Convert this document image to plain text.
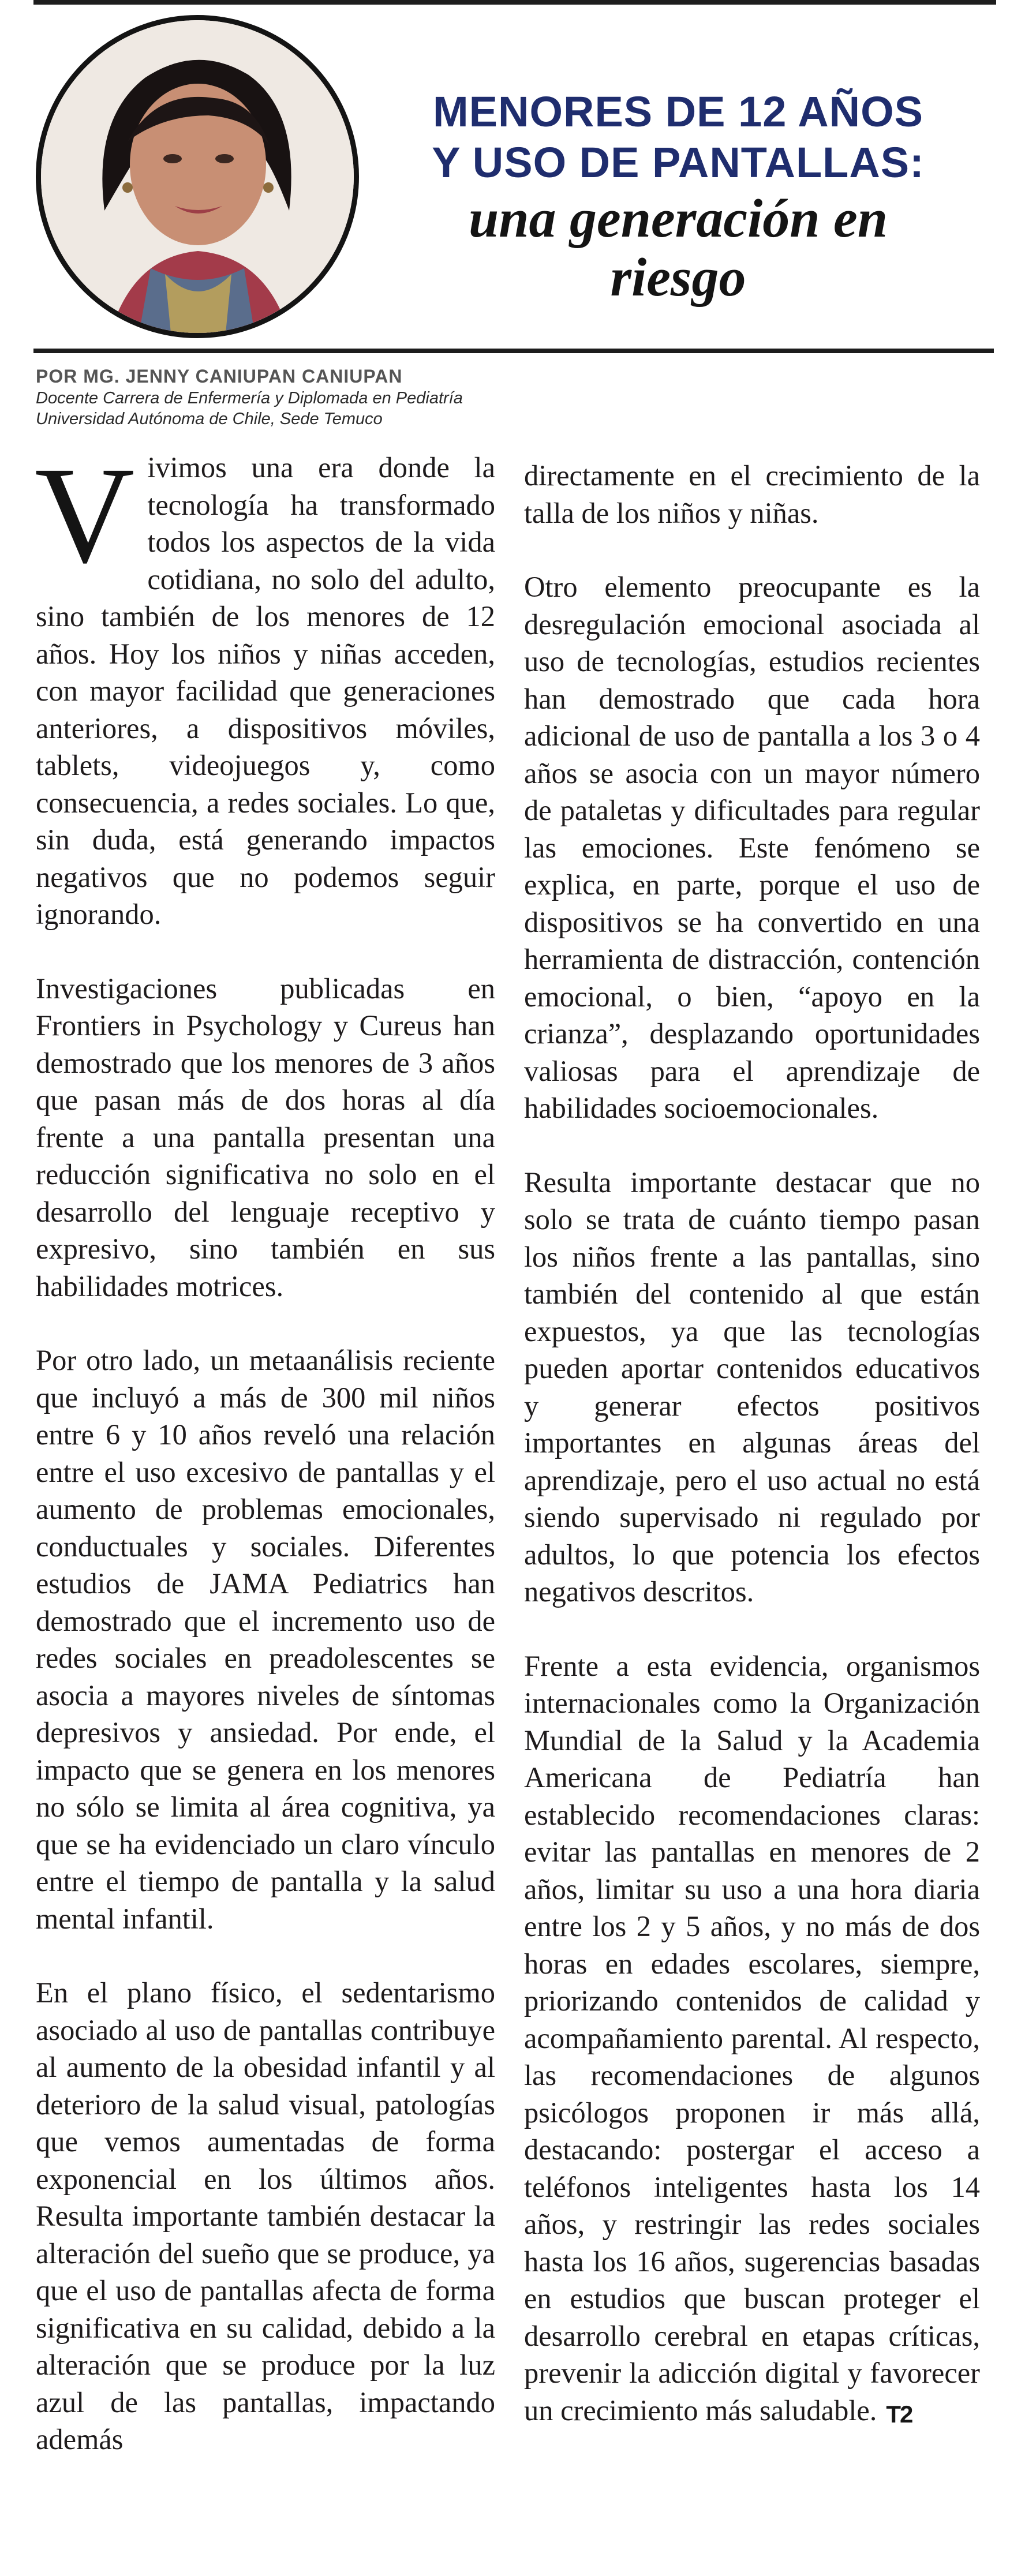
MENORES DE 12 AÑOS
Y USO DE PANTALLAS:
una generación en
riesgo
POR MG. JENNY CANIUPAN CANIUPAN
Docente Carrera de Enfermería y Diplomada en Pediatría
Universidad Autónoma de Chile, Sede Temuco

Vivimos una era donde la tecnología ha transformado todos los aspectos de la vida cotidiana, no solo del adulto, sino también de los menores de 12 años. Hoy los niños y niñas acceden, con mayor facilidad que generaciones anteriores, a dispositivos móviles, tablets, videojuegos y, como consecuencia, a redes sociales. Lo que, sin duda, está generando impactos negativos que no podemos seguir ignorando.

Investigaciones publicadas en Frontiers in Psychology y Cureus han demostrado que los menores de 3 años que pasan más de dos horas al día frente a una pantalla presentan una reducción significativa no solo en el desarrollo del lenguaje receptivo y expresivo, sino también en sus habilidades motrices.

Por otro lado, un metaanálisis reciente que incluyó a más de 300 mil niños entre 6 y 10 años reveló una relación entre el uso excesivo de pantallas y el aumento de problemas emocionales, conductuales y sociales. Diferentes estudios de JAMA Pediatrics han demostrado que el incremento uso de redes sociales en preadolescentes se asocia a mayores niveles de síntomas depresivos y ansiedad. Por ende, el impacto que se genera en los menores no sólo se limita al área cognitiva, ya que se ha evidenciado un claro vínculo entre el tiempo de pantalla y la salud mental infantil.

En el plano físico, el sedentarismo asociado al uso de pantallas contribuye al aumento de la obesidad infantil y al deterioro de la salud visual, patologías que vemos aumentadas de forma exponencial en los últimos años. Resulta importante también destacar la alteración del sueño que se produce, ya que el uso de pantallas afecta de forma significativa en su calidad, debido a la alteración que se produce por la luz azul de las pantallas, impactando además

directamente en el crecimiento de la talla de los niños y niñas.

Otro elemento preocupante es la desregulación emocional asociada al uso de tecnologías, estudios recientes han demostrado que cada hora adicional de uso de pantalla a los 3 o 4 años se asocia con un mayor número de pataletas y dificultades para regular las emociones. Este fenómeno se explica, en parte, porque el uso de dispositivos se ha convertido en una herramienta de distracción, contención emocional, o bien, “apoyo en la crianza”, desplazando oportunidades valiosas para el aprendizaje de habilidades socioemocionales.

Resulta importante destacar que no solo se trata de cuánto tiempo pasan los niños frente a las pantallas, sino también del contenido al que están expuestos, ya que las tecnologías pueden aportar contenidos educativos y generar efectos positivos importantes en algunas áreas del aprendizaje, pero el uso actual no está siendo supervisado ni regulado por adultos, lo que potencia los efectos negativos descritos.

Frente a esta evidencia, organismos internacionales como la Organización Mundial de la Salud y la Academia Americana de Pediatría han establecido recomendaciones claras: evitar las pantallas en menores de 2 años, limitar su uso a una hora diaria entre los 2 y 5 años, y no más de dos horas en edades escolares, siempre, priorizando contenidos de calidad y acompañamiento parental. Al respecto, las recomendaciones de algunos psicólogos proponen ir más allá, destacando: postergar el acceso a teléfonos inteligentes hasta los 14 años, y restringir las redes sociales hasta los 16 años, sugerencias basadas en estudios que buscan proteger el desarrollo cerebral en etapas críticas, prevenir la adicción digital y favorecer un crecimiento más saludable. T2
